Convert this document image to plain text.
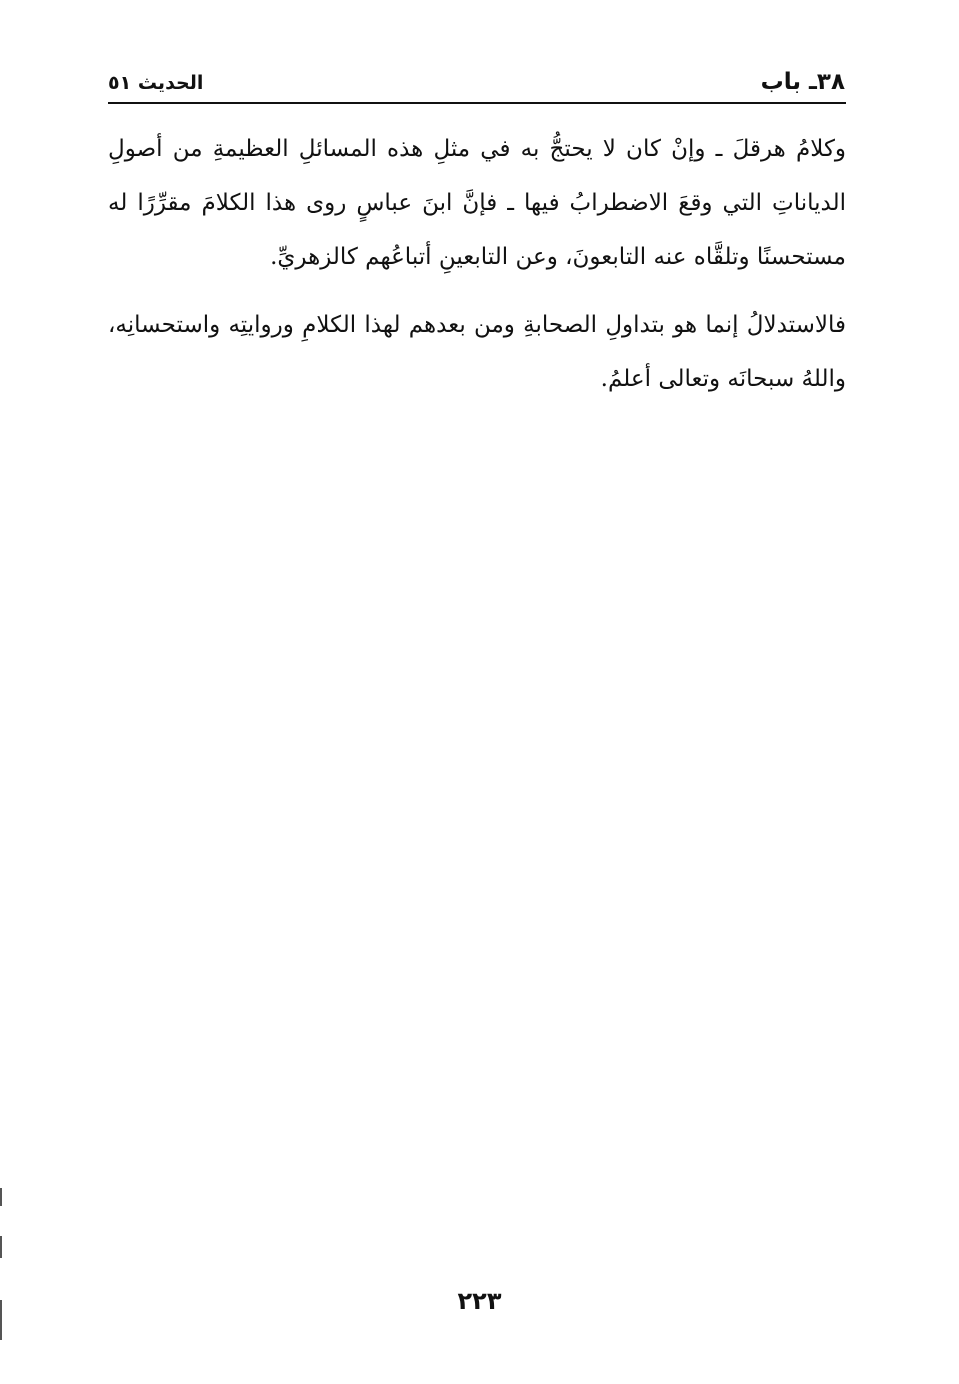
٣٨ـ باب
الحديث ٥١

وكلامُ هرقلَ ـ وإنْ كان لا يحتجُّ به في مثلِ هذه المسائلِ العظيمةِ من أصولِ الدياناتِ التي وقعَ الاضطرابُ فيها ـ فإنَّ ابنَ عباسٍ روى هذا الكلامَ مقرِّرًا له مستحسنًا وتلقَّاه عنه التابعونَ، وعن التابعينِ أتباعُهم كالزهريِّ.

فالاستدلالُ إنما هو بتداولِ الصحابةِ ومن بعدهم لهذا الكلامِ وروايتِه واستحسانِه، واللهُ سبحانَه وتعالى أعلمُ.

٢٢٣
